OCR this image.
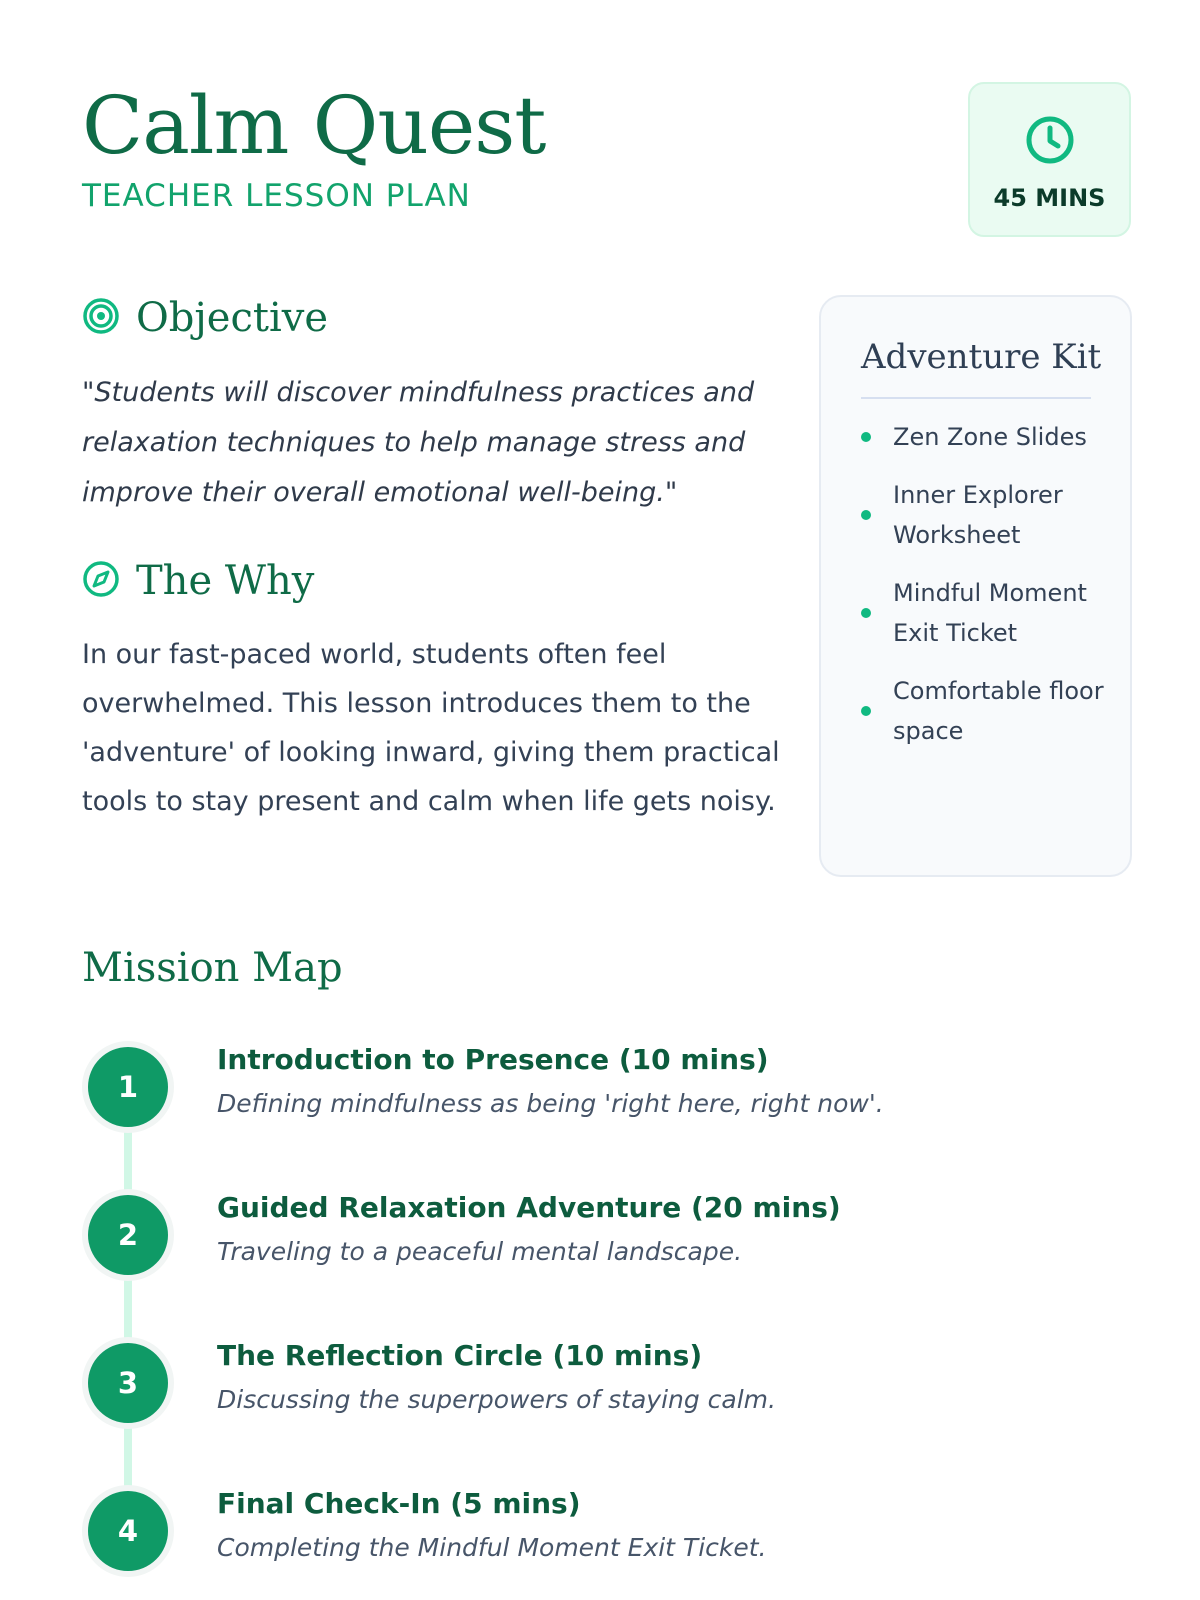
Calm Quest
TEACHER LESSON PLAN	45 MINS
Objective

"Students will discover mindfulness practices and relaxation techniques to help manage stress and improve their overall emotional well-being."

The Why

In our fast-paced world, students often feel overwhelmed. This lesson introduces them to the 'adventure' of looking inward, giving them practical tools to stay present and calm when life gets noisy.

Adventure Kit
Zen Zone Slides
Inner Explorer Worksheet
Mindful Moment Exit Ticket
Comfortable floor space
Mission Map
1
Introduction to Presence (10 mins)

Defining mindfulness as being 'right here, right now'.

2
Guided Relaxation Adventure (20 mins)

Traveling to a peaceful mental landscape.

3
The Reflection Circle (10 mins)

Discussing the superpowers of staying calm.

4
Final Check-In (5 mins)

Completing the Mindful Moment Exit Ticket.
